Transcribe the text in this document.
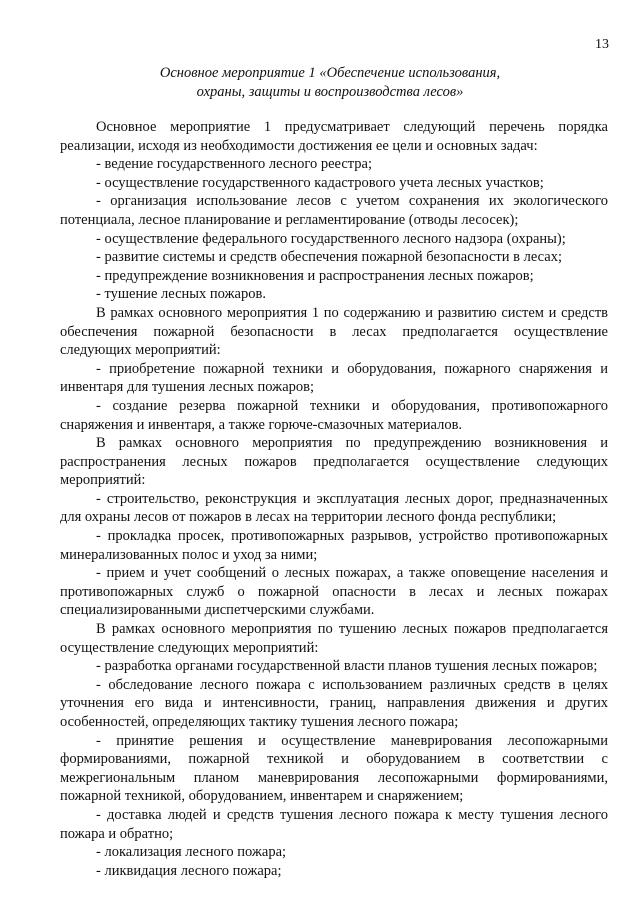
13
Основное мероприятие 1 «Обеспечение использования,
охраны, защиты и воспроизводства лесов»

Основное мероприятие 1 предусматривает следующий перечень порядка реализации, исходя из необходимости достижения ее цели и основных задач:

- ведение государственного лесного реестра;

- осуществление государственного кадастрового учета лесных участков;

- организация использование лесов с учетом сохранения их экологического потенциала, лесное планирование и регламентирование (отводы лесосек);

- осуществление федерального государственного лесного надзора (охраны);

- развитие системы и средств обеспечения пожарной безопасности в лесах;

- предупреждение возникновения и распространения лесных пожаров;

- тушение лесных пожаров.

В рамках основного мероприятия 1 по содержанию и развитию систем и средств обеспечения пожарной безопасности в лесах предполагается осуществление следующих мероприятий:

- приобретение пожарной техники и оборудования, пожарного снаряжения и инвентаря для тушения лесных пожаров;

- создание резерва пожарной техники и оборудования, противопожарного снаряжения и инвентаря, а также горюче-смазочных материалов.

В рамках основного мероприятия по предупреждению возникновения и распространения лесных пожаров предполагается осуществление следующих мероприятий:

- строительство, реконструкция и эксплуатация лесных дорог, предназначенных для охраны лесов от пожаров в лесах на территории лесного фонда республики;

- прокладка просек, противопожарных разрывов, устройство противопожарных минерализованных полос и уход за ними;

- прием и учет сообщений о лесных пожарах, а также оповещение населения и противопожарных служб о пожарной опасности в лесах и лесных пожарах специализированными диспетчерскими службами.

В рамках основного мероприятия по тушению лесных пожаров предполагается осуществление следующих мероприятий:

- разработка органами государственной власти планов тушения лесных пожаров;

- обследование лесного пожара с использованием различных средств в целях уточнения его вида и интенсивности, границ, направления движения и других особенностей, определяющих тактику тушения лесного пожара;

- принятие решения и осуществление маневрирования лесопожарными формированиями, пожарной техникой и оборудованием в соответствии с межрегиональным планом маневрирования лесопожарными формированиями, пожарной техникой, оборудованием, инвентарем и снаряжением;

- доставка людей и средств тушения лесного пожара к месту тушения лесного пожара и обратно;

- локализация лесного пожара;

- ликвидация лесного пожара;
